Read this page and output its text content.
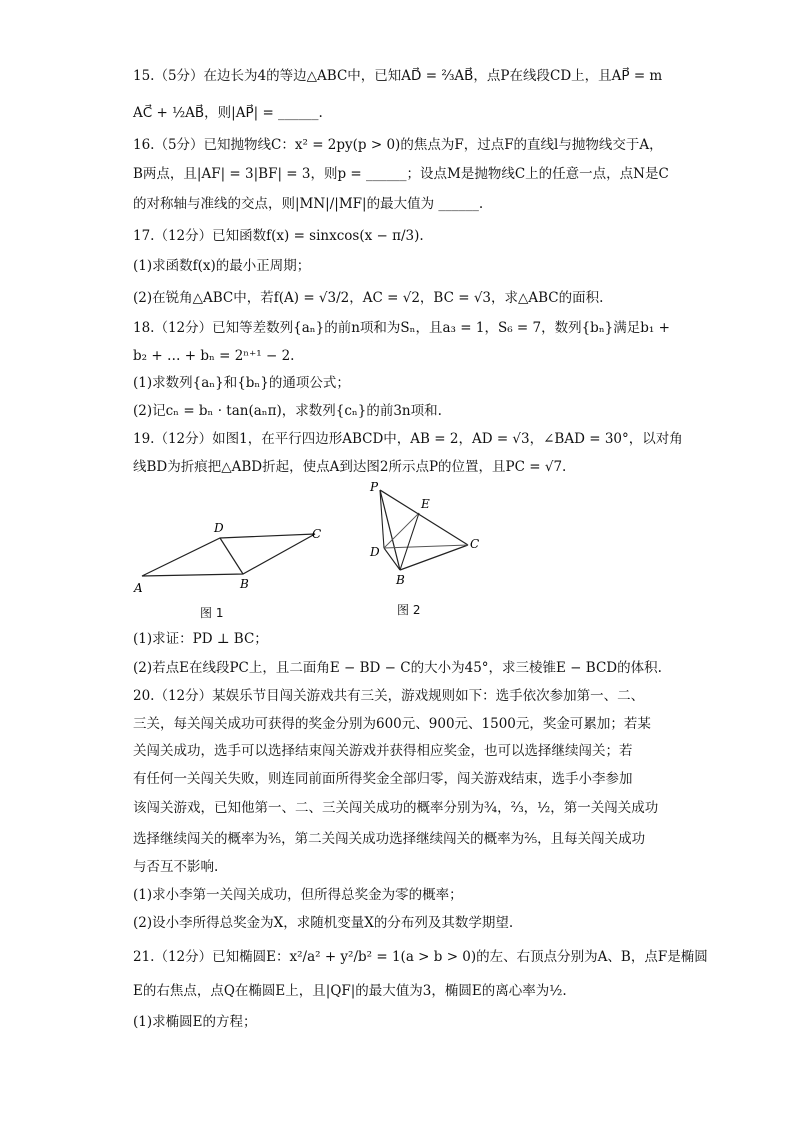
15.（5分）在边长为4的等边△ABC中，已知AD⃗ = ⅔AB⃗，点P在线段CD上，且AP⃗ = m
AC⃗ + ½AB⃗，则|AP⃗| = ______.
16.（5分）已知抛物线C：x² = 2py(p > 0)的焦点为F，过点F的直线l与抛物线交于A，
B两点，且|AF| = 3|BF| = 3，则p = ______；设点M是抛物线C上的任意一点，点N是C
的对称轴与准线的交点，则|MN|/|MF|的最大值为 ______.
17.（12分）已知函数f(x) = sinxcos(x − π/3).
(1)求函数f(x)的最小正周期；
(2)在锐角△ABC中，若f(A) = √3/2，AC = √2，BC = √3，求△ABC的面积.
18.（12分）已知等差数列{aₙ}的前n项和为Sₙ，且a₃ = 1，S₆ = 7，数列{bₙ}满足b₁ +
b₂ + … + bₙ = 2ⁿ⁺¹ − 2.
(1)求数列{aₙ}和{bₙ}的通项公式；
(2)记cₙ = bₙ · tan(aₙπ)，求数列{cₙ}的前3n项和.
19.（12分）如图1，在平行四边形ABCD中，AB = 2，AD = √3，∠BAD = 30°，以对角
线BD为折痕把△ABD折起，使点A到达图2所示点P的位置，且PC = √7.
A	B
C
D
图 1
P
E
D
C
B
图 2
(1)求证：PD ⊥ BC；
(2)若点E在线段PC上，且二面角E − BD − C的大小为45°，求三棱锥E − BCD的体积.
20.（12分）某娱乐节目闯关游戏共有三关，游戏规则如下：选手依次参加第一、二、
三关，每关闯关成功可获得的奖金分别为600元、900元、1500元，奖金可累加；若某
关闯关成功，选手可以选择结束闯关游戏并获得相应奖金，也可以选择继续闯关；若
有任何一关闯关失败，则连同前面所得奖金全部归零，闯关游戏结束，选手小李参加
该闯关游戏，已知他第一、二、三关闯关成功的概率分别为¾，⅔，½，第一关闯关成功
选择继续闯关的概率为⅗，第二关闯关成功选择继续闯关的概率为⅖，且每关闯关成功
与否互不影响.
(1)求小李第一关闯关成功，但所得总奖金为零的概率；
(2)设小李所得总奖金为X，求随机变量X的分布列及其数学期望.
21.（12分）已知椭圆E：x²/a² + y²/b² = 1(a > b > 0)的左、右顶点分别为A、B，点F是椭圆
E的右焦点，点Q在椭圆E上，且|QF|的最大值为3，椭圆E的离心率为½.
(1)求椭圆E的方程；
